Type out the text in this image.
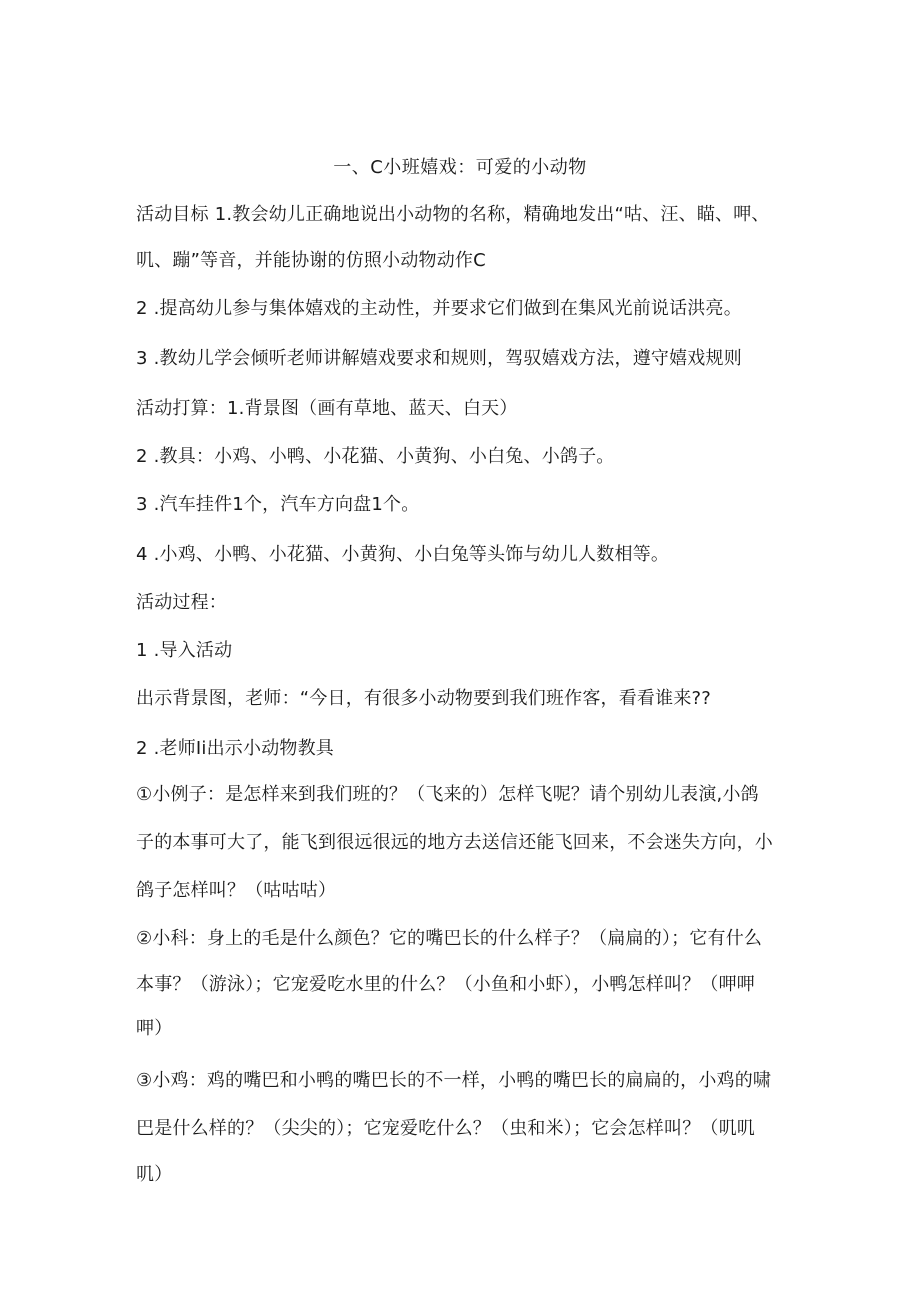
一、C小班嬉戏：可爱的小动物
活动目标 1.教会幼儿正确地说出小动物的名称，精确地发出“咕、汪、瞄、呷、
叽、蹦”等音，并能协谢的仿照小动物动作C
2 .提高幼儿参与集体嬉戏的主动性，并要求它们做到在集风光前说话洪亮。
3 .教幼儿学会倾听老师讲解嬉戏要求和规则，驾驭嬉戏方法，遵守嬉戏规则
活动打算：1.背景图（画有草地、蓝天、白天）
2 .教具：小鸡、小鸭、小花猫、小黄狗、小白兔、小鸽子。
3 .汽车挂件1个，汽车方向盘1个。
4 .小鸡、小鸭、小花猫、小黄狗、小白兔等头饰与幼儿人数相等。
活动过程：
1 .导入活动
出示背景图，老师：“今日，有很多小动物要到我们班作客，看看谁来??
2 .老师Ii出示小动物教具
①小例子：是怎样来到我们班的？（飞来的）怎样飞呢？请个别幼儿表演,小鸽
子的本事可大了，能飞到很远很远的地方去送信还能飞回来，不会迷失方向，小
鸽子怎样叫？（咕咕咕）
②小科：身上的毛是什么颜色？它的嘴巴长的什么样子？（扁扁的）；它有什么
本事？（游泳）；它宠爱吃水里的什么？（小鱼和小虾），小鸭怎样叫？（呷呷
呷）
③小鸡：鸡的嘴巴和小鸭的嘴巴长的不一样，小鸭的嘴巴长的扁扁的，小鸡的啸
巴是什么样的？（尖尖的）；它宠爱吃什么？（虫和米）；它会怎样叫？（叽叽
叽）
